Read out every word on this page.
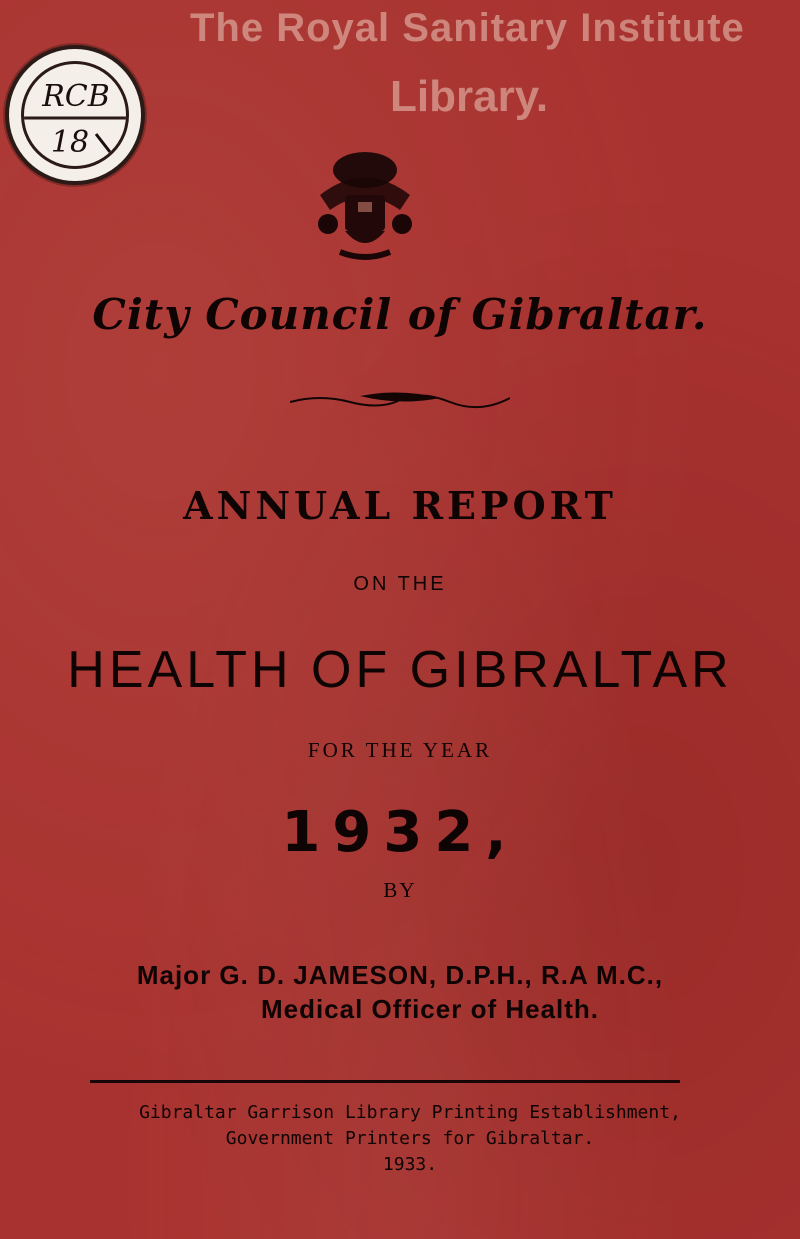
The Royal Sanitary Institute
Library.
RCB
18
City Council of Gibraltar.
ANNUAL REPORT
ON THE
HEALTH OF GIBRALTAR
FOR THE YEAR
1932,
BY
Major G. D. JAMESON, D.P.H., R.A M.C.,
Medical Officer of Health.
Gibraltar Garrison Library Printing Establishment,
Government Printers for Gibraltar.
1933.
